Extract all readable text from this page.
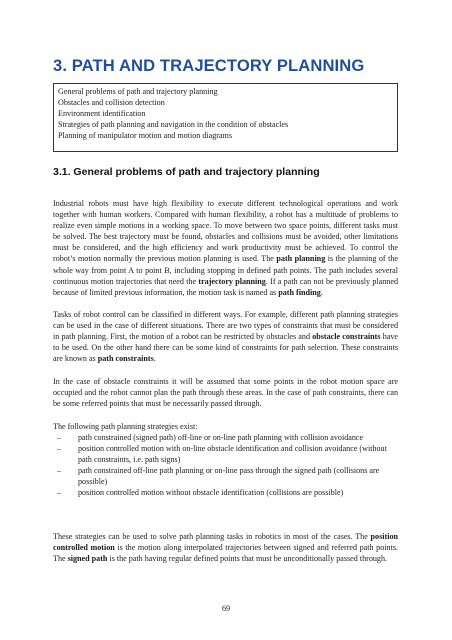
3. PATH AND TRAJECTORY PLANNING
General problems of path and trajectory planning
Obstacles and collision detection
Environment identification
Strategies of path planning and navigation in the condition of obstacles
Planning of manipulator motion and motion diagrams
3.1. General problems of path and trajectory planning

Industrial robots must have high flexibility to execute different technological operations and work together with human workers. Compared with human flexibility, a robot has a multitude of problems to realize even simple motions in a working space. To move between two space points, different tasks must be solved. The best trajectory must be found, obstacles and collisions must be avoided, other limitations must be considered, and the high efficiency and work productivity must be achieved. To control the robot’s motion normally the previous motion planning is used. The path planning is the planning of the whole way from point A to point B, including stopping in defined path points. The path includes several continuous motion trajectories that need the trajectory planning. If a path can not be previously planned because of limited previous information, the motion task is named as path finding.

Tasks of robot control can be classified in different ways. For example, different path planning strategies can be used in the case of different situations. There are two types of constraints that must be considered in path planning. First, the motion of a robot can be restricted by obstacles and obstacle constraints have to be used. On the other hand there can be some kind of constraints for path selection. These constraints are known as path constraints.

In the case of obstacle constraints it will be assumed that some points in the robot motion space are occupied and the robot cannot plan the path through these areas. In the case of path constraints, there can be some referred points that must be necessarily passed through.

The following path planning strategies exist:

– path constrained (signed path) off-line or on-line path planning with collision avoidance
– position controlled motion with on-line obstacle identification and collision avoidance (without path constraints, i.e. path signs)
– path constrained off-line path planning or on-line pass through the signed path (collisions are possible)
– position controlled motion without obstacle identification (collisions are possible)

These strategies can be used to solve path planning tasks in robotics in most of the cases. The position controlled motion is the motion along interpolated trajectories between signed and referred path points. The signed path is the path having regular defined points that must be unconditionally passed through.

69
